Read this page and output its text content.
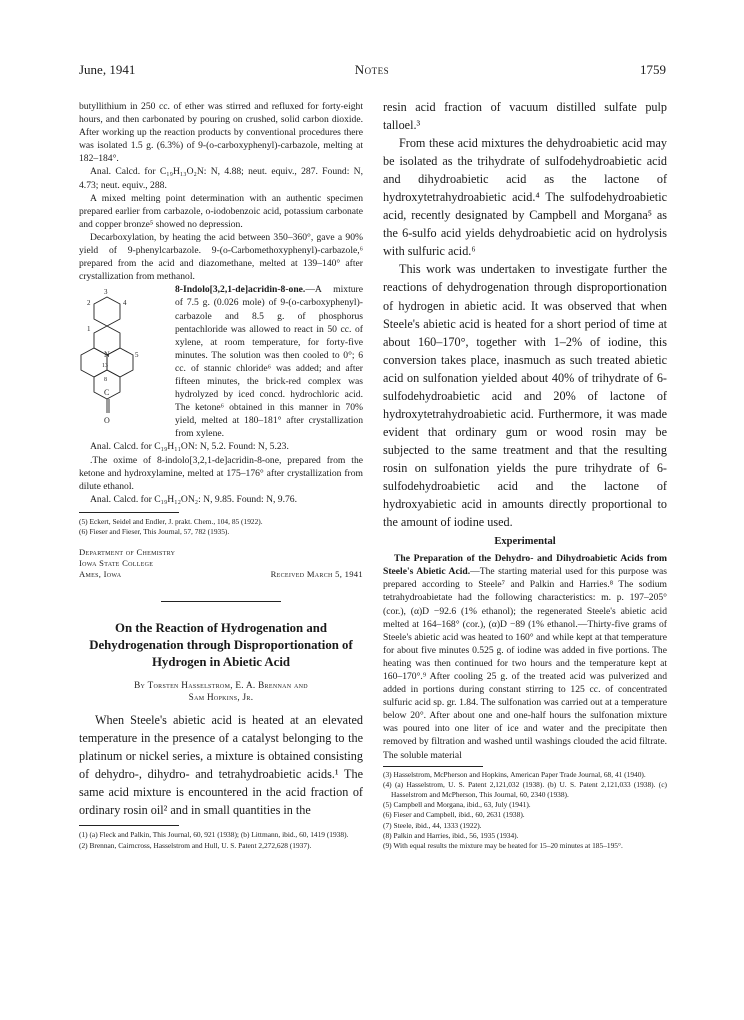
June, 1941	Notes	1759

butyllithium in 250 cc. of ether was stirred and refluxed for forty-eight hours, and then carbonated by pouring on crushed, solid carbon dioxide. After working up the reaction products by conventional procedures there was isolated 1.5 g. (6.3%) of 9-(o-carboxyphenyl)-carbazole, melting at 182–184°.

Anal. Calcd. for C₁₉H₁₃O₂N: N, 4.88; neut. equiv., 287. Found: N, 4.73; neut. equiv., 288.

A mixed melting point determination with an authentic specimen prepared earlier from carbazole, o-iodobenzoic acid, potassium carbonate and copper bronze⁵ showed no depression.

Decarboxylation, by heating the acid between 350–360°, gave a 90% yield of 9-phenylcarbazole. 9-(o-Carbomethoxyphenyl)-carbazole,⁶ prepared from the acid and diazomethane, melted at 139–140° after crystallization from methanol.

3
2	4
1
N
13
5
8
C
O

8-Indolo[3,2,1-de]acridin-8-one.—A mixture of 7.5 g. (0.026 mole) of 9-(o-carboxyphenyl)-carbazole and 8.5 g. of phosphorus pentachloride was allowed to react in 50 cc. of xylene, at room temperature, for forty-five minutes. The solution was then cooled to 0°; 6 cc. of stannic chloride⁶ was added; and after fifteen minutes, the brick-red complex was hydrolyzed by iced concd. hydrochloric acid. The ketone⁶ obtained in this manner in 70% yield, melted at 180–181° after crystallization from xylene.

Anal. Calcd. for C₁₉H₁₁ON: N, 5.2. Found: N, 5.23.

.The oxime of 8-indolo[3,2,1-de]acridin-8-one, prepared from the ketone and hydroxylamine, melted at 175–176° after crystallization from dilute ethanol.

Anal. Calcd. for C₁₉H₁₂ON₂: N, 9.85. Found: N, 9.76.

(5) Eckert, Seidel and Endler, J. prakt. Chem., 104, 85 (1922).

(6) Fieser and Fieser, This Journal, 57, 782 (1935).

Department of Chemistry
Iowa State College
Ames, Iowa	Received March 5, 1941
On the Reaction of Hydrogenation and Dehydrogenation through Disproportionation of Hydrogen in Abietic Acid
By Torsten Hasselstrom, E. A. Brennan and
Sam Hopkins, Jr.

When Steele's abietic acid is heated at an elevated temperature in the presence of a catalyst belonging to the platinum or nickel series, a mixture is obtained consisting of dehydro-, dihydro- and tetrahydroabietic acids.¹ The same acid mixture is encountered in the acid fraction of ordinary rosin oil² and in small quantities in the

(1) (a) Fleck and Palkin, This Journal, 60, 921 (1938); (b) Littmann, ibid., 60, 1419 (1938).

(2) Brennan, Cairncross, Hasselstrom and Hull, U. S. Patent 2,272,628 (1937).

resin acid fraction of vacuum distilled sulfate pulp talloel.³

From these acid mixtures the dehydroabietic acid may be isolated as the trihydrate of sulfodehydroabietic acid and dihydroabietic acid as the lactone of hydroxytetrahydroabietic acid.⁴ The sulfodehydroabietic acid, recently designated by Campbell and Morgana⁵ as the 6-sulfo acid yields dehydroabietic acid on hydrolysis with sulfuric acid.⁶

This work was undertaken to investigate further the reactions of dehydrogenation through disproportionation of hydrogen in abietic acid. It was observed that when Steele's abietic acid is heated for a short period of time at about 160–170°, together with 1–2% of iodine, this conversion takes place, inasmuch as such treated abietic acid on sulfonation yielded about 40% of trihydrate of 6-sulfodehydroabietic acid and 20% of lactone of hydroxytetrahydroabietic acid. Furthermore, it was made evident that ordinary gum or wood rosin may be subjected to the same treatment and that the resulting rosin on sulfonation yields the pure trihydrate of 6-sulfodehydroabietic acid and the lactone of hydroxyabietic acid in amounts directly proportional to the amount of iodine used.

Experimental

The Preparation of the Dehydro- and Dihydroabietic Acids from Steele's Abietic Acid.—The starting material used for this purpose was prepared according to Steele⁷ and Palkin and Harries.⁸ The sodium tetrahydroabietate had the following characteristics: m. p. 197–205° (cor.), (α)D −92.6 (1% ethanol); the regenerated Steele's abietic acid melted at 164–168° (cor.), (α)D −89 (1% ethanol.—Thirty-five grams of Steele's abietic acid was heated to 160° and while kept at that temperature for about five minutes 0.525 g. of iodine was added in five portions. The heating was then continued for two hours and the temperature kept at 160–170°.⁹ After cooling 25 g. of the treated acid was pulverized and added in portions during constant stirring to 125 cc. of concentrated sulfuric acid sp. gr. 1.84. The sulfonation was carried out at a temperature below 20°. After about one and one-half hours the sulfonation mixture was poured into one liter of ice and water and the precipitate then removed by filtration and washed until washings clouded the acid filtrate. The soluble material

(3) Hasselstrom, McPherson and Hopkins, American Paper Trade Journal, 68, 41 (1940).

(4) (a) Hasselstrom, U. S. Patent 2,121,032 (1938). (b) U. S. Patent 2,121,033 (1938). (c) Hasselstrom and McPherson, This Journal, 60, 2340 (1938).

(5) Campbell and Morgana, ibid., 63, July (1941).

(6) Fieser and Campbell, ibid., 60, 2631 (1938).

(7) Steele, ibid., 44, 1333 (1922).

(8) Palkin and Harries, ibid., 56, 1935 (1934).

(9) With equal results the mixture may be heated for 15–20 minutes at 185–195°.
